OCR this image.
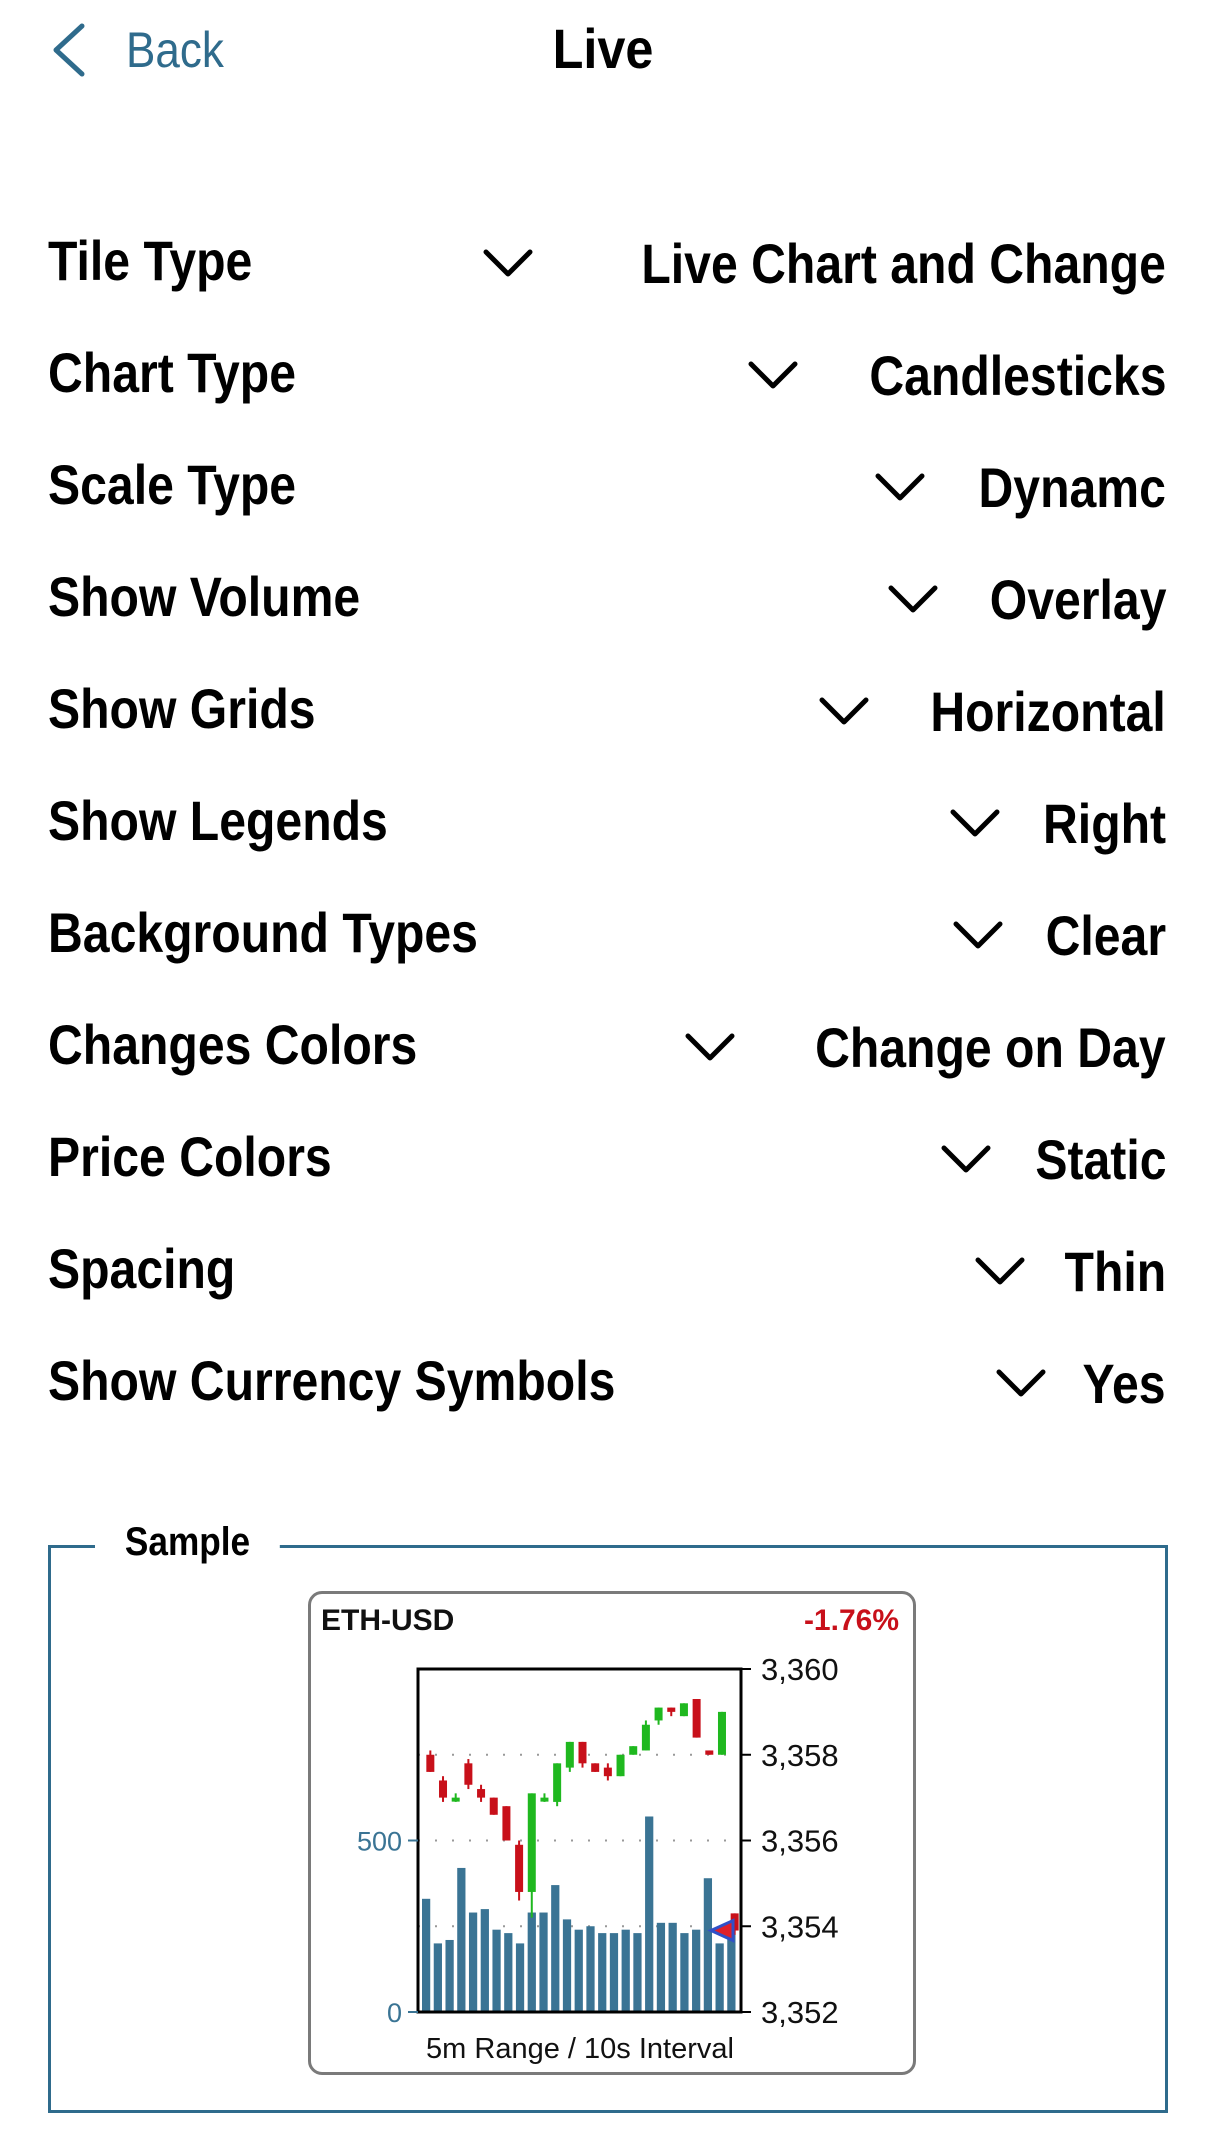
Back	Live
Tile Type	Live Chart and Change
Chart Type	Candlesticks
Scale Type	Dynamc
Show Volume	Overlay
Show Grids	Horizontal
Show Legends	Right
Background Types	Clear
Changes Colors	Change on Day
Price Colors	Static
Spacing	Thin
Show Currency Symbols	Yes
Sample
ETH-USD	-1.76%
3,352
3,354
3,356
3,358
3,360
0
500
5m Range / 10s Interval
